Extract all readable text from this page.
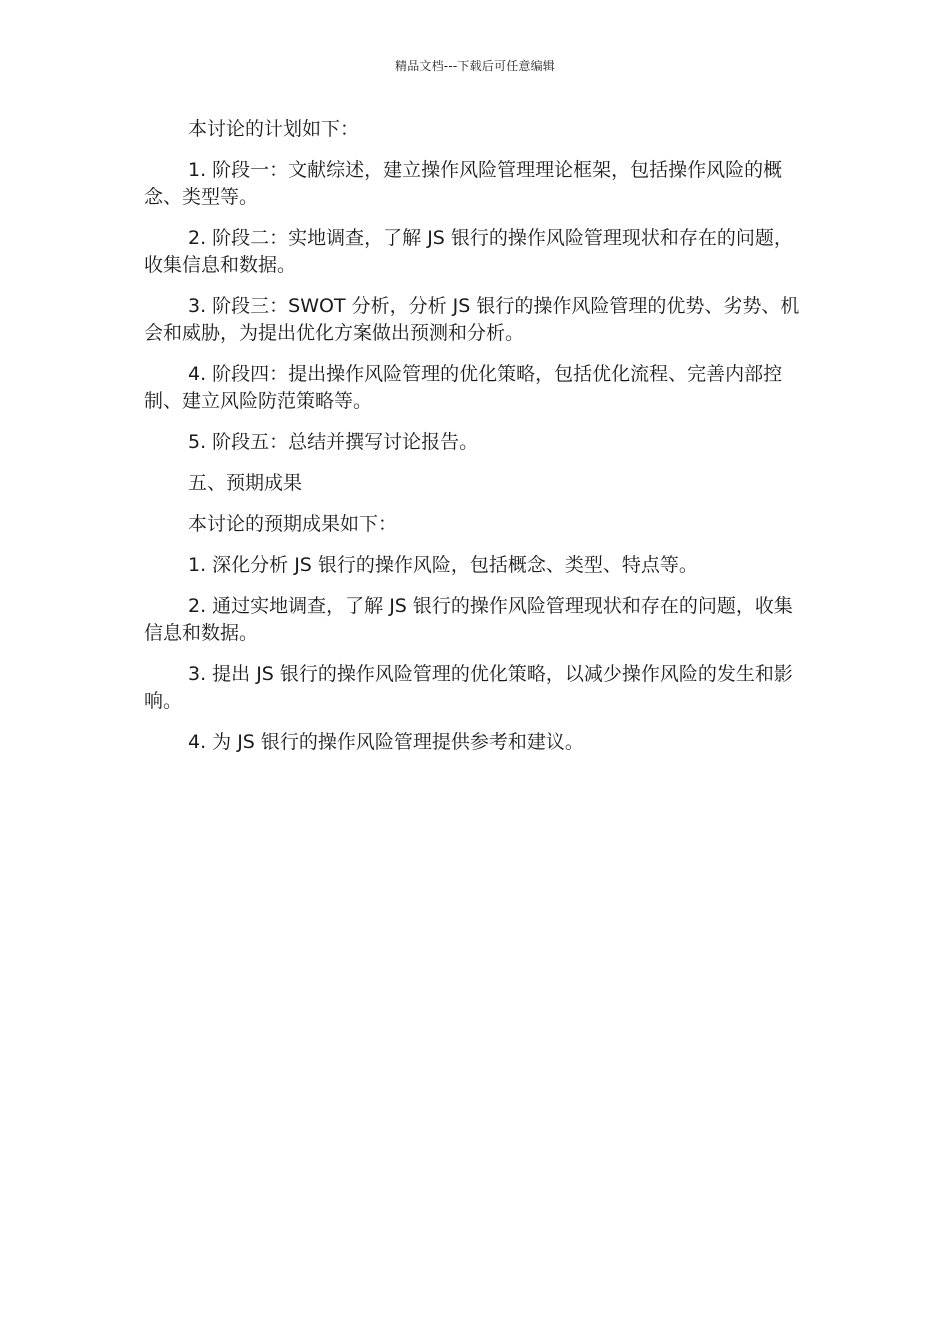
精品文档---下载后可任意编辑

本讨论的计划如下：

1. 阶段一：文献综述，建立操作风险管理理论框架，包括操作风险的概念、类型等。

2. 阶段二：实地调查，了解 JS 银行的操作风险管理现状和存在的问题，收集信息和数据。

3. 阶段三：SWOT 分析，分析 JS 银行的操作风险管理的优势、劣势、机会和威胁，为提出优化方案做出预测和分析。

4. 阶段四：提出操作风险管理的优化策略，包括优化流程、完善内部控制、建立风险防范策略等。

5. 阶段五：总结并撰写讨论报告。

五、预期成果

本讨论的预期成果如下：

1. 深化分析 JS 银行的操作风险，包括概念、类型、特点等。

2. 通过实地调查，了解 JS 银行的操作风险管理现状和存在的问题，收集信息和数据。

3. 提出 JS 银行的操作风险管理的优化策略，以减少操作风险的发生和影响。

4. 为 JS 银行的操作风险管理提供参考和建议。
